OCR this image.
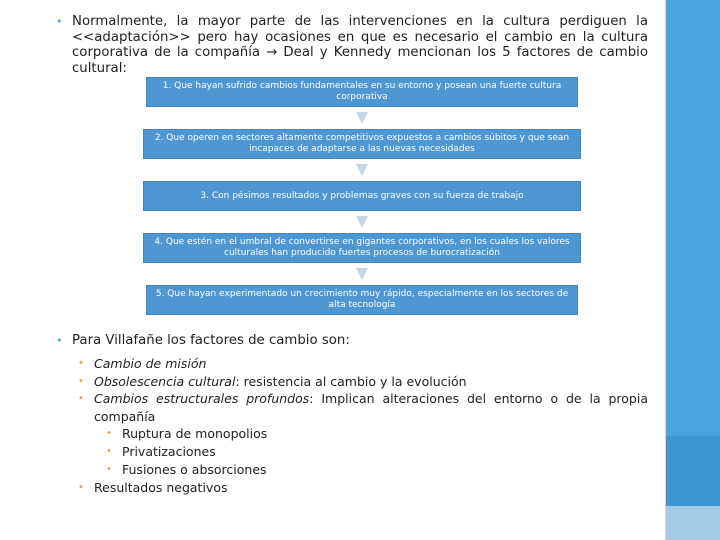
• Normalmente, la mayor parte de las intervenciones en la cultura perdiguen la <<adaptación>> pero hay ocasiones en que es necesario el cambio en la cultura corporativa de la compañía → Deal y Kennedy mencionan los 5 factores de cambio cultural:
1. Que hayan sufrido cambios fundamentales en su entorno y posean una fuerte cultura corporativa
2. Que operen en sectores altamente competitivos expuestos a cambios súbitos y que sean incapaces de adaptarse a las nuevas necesidades
3. Con pésimos resultados y problemas graves con su fuerza de trabajo
4. Que estén en el umbral de convertirse en gigantes corporativos, en los cuales los valores culturales han producido fuertes procesos de burocratización
5. Que hayan experimentado un crecimiento muy rápido, especialmente en los sectores de alta tecnología
• Para Villafañe los factores de cambio son:
• Cambio de misión
• Obsolescencia cultural: resistencia al cambio y la evolución
• Cambios estructurales profundos: Implican alteraciones del entorno o de la propia compañía
• Ruptura de monopolios
• Privatizaciones
• Fusiones o absorciones
• Resultados negativos
